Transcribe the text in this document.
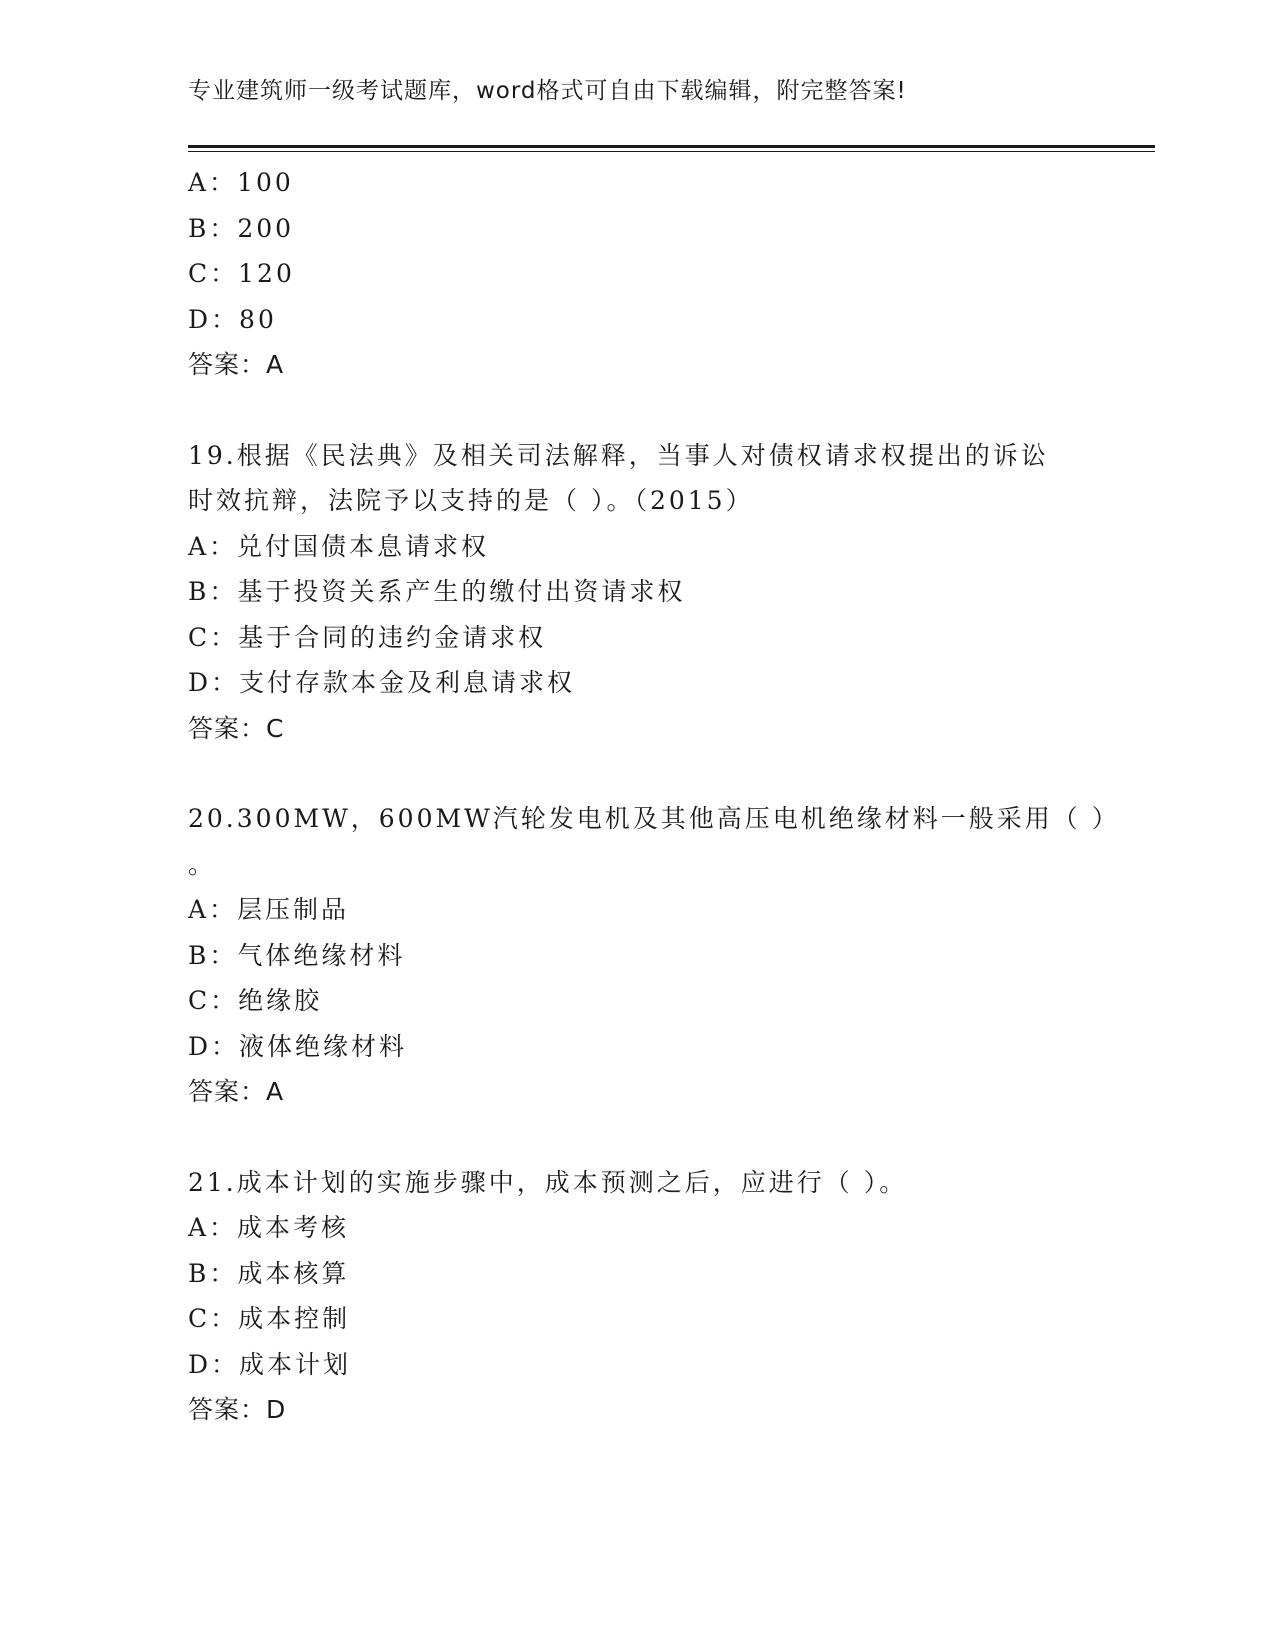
专业建筑师一级考试题库，word格式可自由下载编辑，附完整答案!
A：100
B：200
C：120
D：80
答案：A
19.根据《民法典》及相关司法解释，当事人对债权请求权提出的诉讼
时效抗辩，法院予以支持的是（ ）。（2015）
A：兑付国债本息请求权
B：基于投资关系产生的缴付出资请求权
C：基于合同的违约金请求权
D：支付存款本金及利息请求权
答案：C
20.300MW，600MW汽轮发电机及其他高压电机绝缘材料一般采用（ ）
。
A：层压制品
B：气体绝缘材料
C：绝缘胶
D：液体绝缘材料
答案：A
21.成本计划的实施步骤中，成本预测之后，应进行（ ）。
A：成本考核
B：成本核算
C：成本控制
D：成本计划
答案：D
